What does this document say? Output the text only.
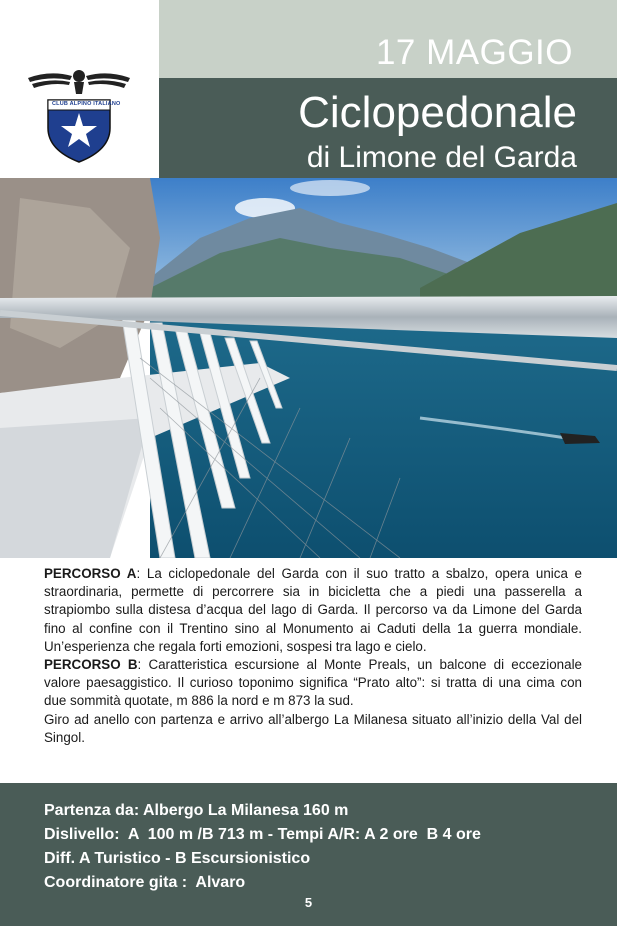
CLUB ALPINO ITALIANO
17 MAGGIO
Ciclopedonale
di Limone del Garda

PERCORSO A: La ciclopedonale del Garda con il suo tratto a sbalzo, opera unica e straordinaria, permette di percorrere sia in bicicletta che a piedi una passerella a strapiombo sulla distesa d’acqua del lago di Garda. Il percorso va da Limone del Garda fino al confine con il Trentino sino al Monumento ai Caduti della 1a guerra mondiale. Un’esperienza che regala forti emozioni, sospesi tra lago e cielo.

PERCORSO B: Caratteristica escursione al Monte Preals, un balcone di eccezionale valore paesaggistico. Il curioso toponimo significa “Prato alto”: si tratta di una cima con due sommità quotate, m 886 la nord e m 873 la sud.

Giro ad anello con partenza e arrivo all’albergo La Milanesa situato all’inizio della Val del Singol.

Partenza da: Albergo La Milanesa 160 m
Dislivello:  A  100 m /B 713 m - Tempi A/R: A 2 ore  B 4 ore
Diff. A Turistico - B Escursionistico
Coordinatore gita :  Alvaro
5
